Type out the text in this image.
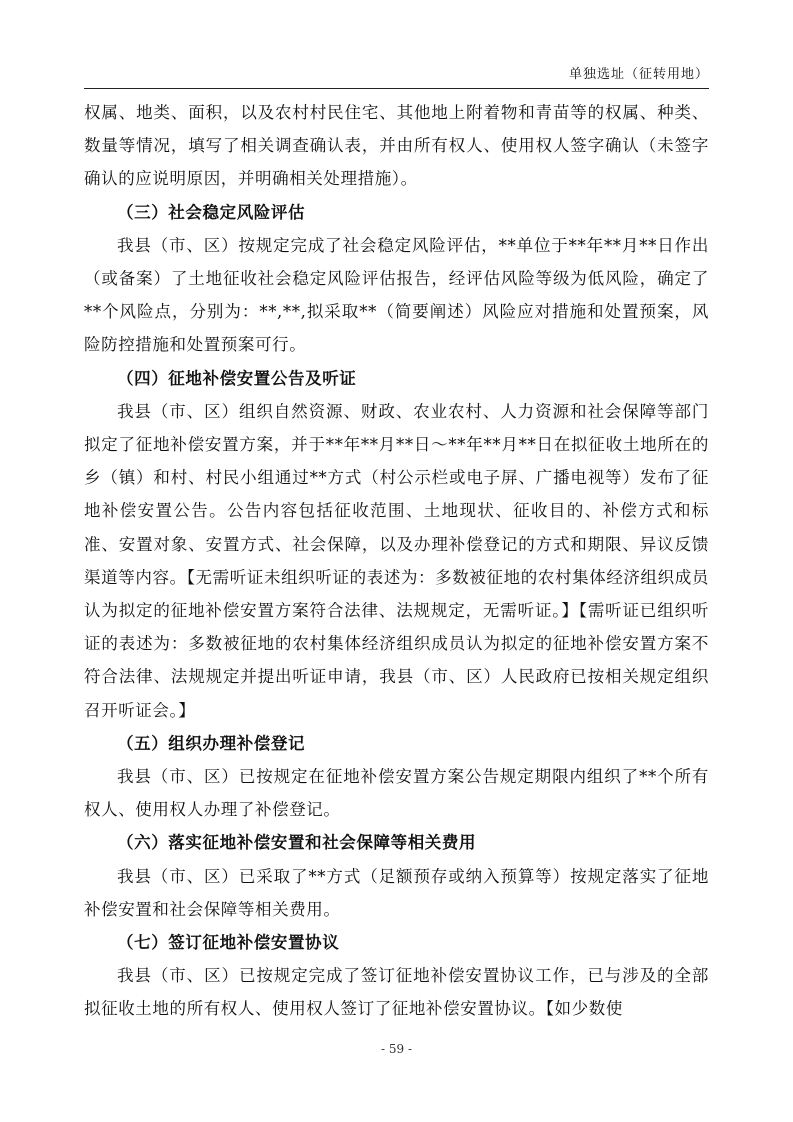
单独选址（征转用地）

权属、地类、面积，以及农村村民住宅、其他地上附着物和青苗等的权属、种类、数量等情况，填写了相关调查确认表，并由所有权人、使用权人签字确认（未签字确认的应说明原因，并明确相关处理措施）。

（三）社会稳定风险评估

我县（市、区）按规定完成了社会稳定风险评估，**单位于**年**月**日作出（或备案）了土地征收社会稳定风险评估报告，经评估风险等级为低风险，确定了**个风险点，分别为：**,**,拟采取**（简要阐述）风险应对措施和处置预案，风险防控措施和处置预案可行。

（四）征地补偿安置公告及听证

我县（市、区）组织自然资源、财政、农业农村、人力资源和社会保障等部门拟定了征地补偿安置方案，并于**年**月**日～**年**月**日在拟征收土地所在的乡（镇）和村、村民小组通过**方式（村公示栏或电子屏、广播电视等）发布了征地补偿安置公告。公告内容包括征收范围、土地现状、征收目的、补偿方式和标准、安置对象、安置方式、社会保障，以及办理补偿登记的方式和期限、异议反馈渠道等内容。【无需听证未组织听证的表述为：多数被征地的农村集体经济组织成员认为拟定的征地补偿安置方案符合法律、法规规定，无需听证。】【需听证已组织听证的表述为：多数被征地的农村集体经济组织成员认为拟定的征地补偿安置方案不符合法律、法规规定并提出听证申请，我县（市、区）人民政府已按相关规定组织召开听证会。】

（五）组织办理补偿登记

我县（市、区）已按规定在征地补偿安置方案公告规定期限内组织了**个所有权人、使用权人办理了补偿登记。

（六）落实征地补偿安置和社会保障等相关费用

我县（市、区）已采取了**方式（足额预存或纳入预算等）按规定落实了征地补偿安置和社会保障等相关费用。

（七）签订征地补偿安置协议

我县（市、区）已按规定完成了签订征地补偿安置协议工作，已与涉及的全部拟征收土地的所有权人、使用权人签订了征地补偿安置协议。【如少数使

- 59 -
